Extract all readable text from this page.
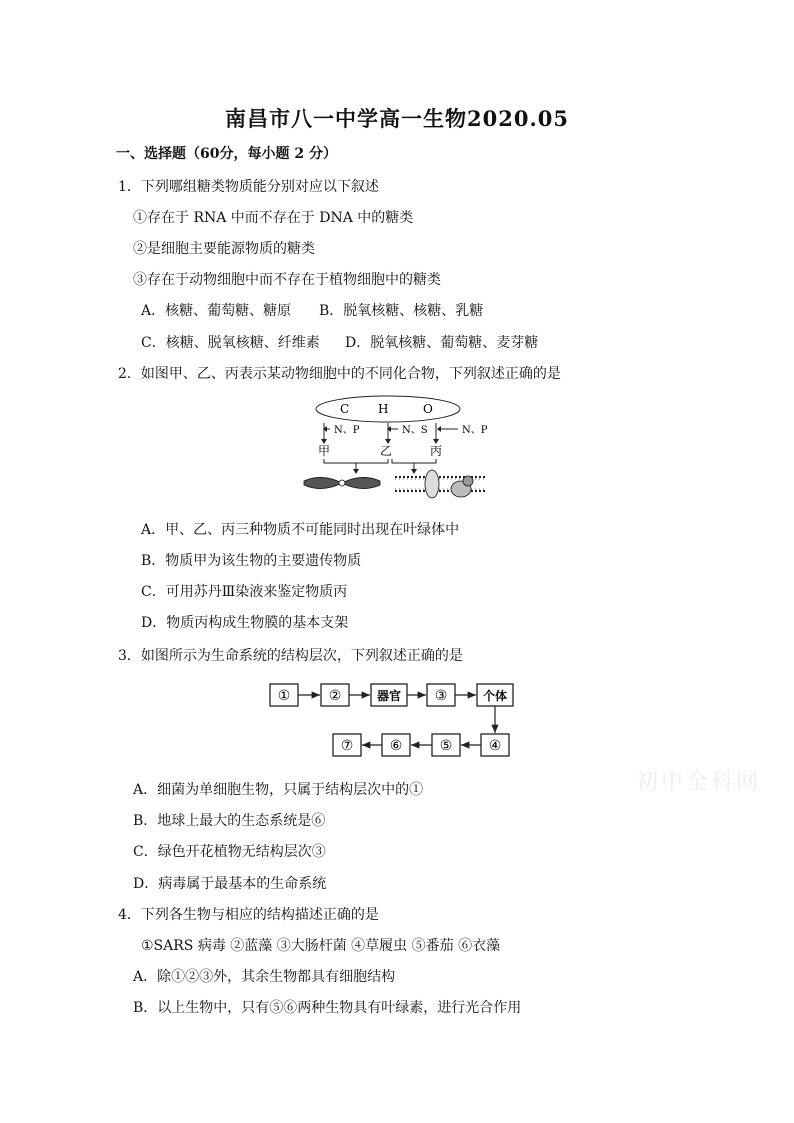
南昌市八一中学高一生物2020.05
一、选择题（60分，每小题 2 分）
1．下列哪组糖类物质能分别对应以下叙述
①存在于 RNA 中而不存在于 DNA 中的糖类
②是细胞主要能源物质的糖类
③存在于动物细胞中而不存在于植物细胞中的糖类
A．核糖、葡萄糖、糖原 B．脱氧核糖、核糖、乳糖
C．核糖、脱氧核糖、纤维素 D．脱氧核糖、葡萄糖、麦芽糖
2．如图甲、乙、丙表示某动物细胞中的不同化合物，下列叙述正确的是
C H	O
N、P	N、S	N、P
甲	乙	丙
A．甲、乙、丙三种物质不可能同时出现在叶绿体中
B．物质甲为该生物的主要遗传物质
C．可用苏丹Ⅲ染液来鉴定物质丙
D．物质丙构成生物膜的基本支架
3．如图所示为生命系统的结构层次，下列叙述正确的是
①	②	器官 ③	个体
④
⑤
⑥
⑦
初中全科网
A．细菌为单细胞生物，只属于结构层次中的①
B．地球上最大的生态系统是⑥
C．绿色开花植物无结构层次③
D．病毒属于最基本的生命系统
4．下列各生物与相应的结构描述正确的是
①SARS 病毒 ②蓝藻 ③大肠杆菌 ④草履虫 ⑤番茄 ⑥衣藻
A．除①②③外，其余生物都具有细胞结构
B．以上生物中，只有⑤⑥两种生物具有叶绿素，进行光合作用
